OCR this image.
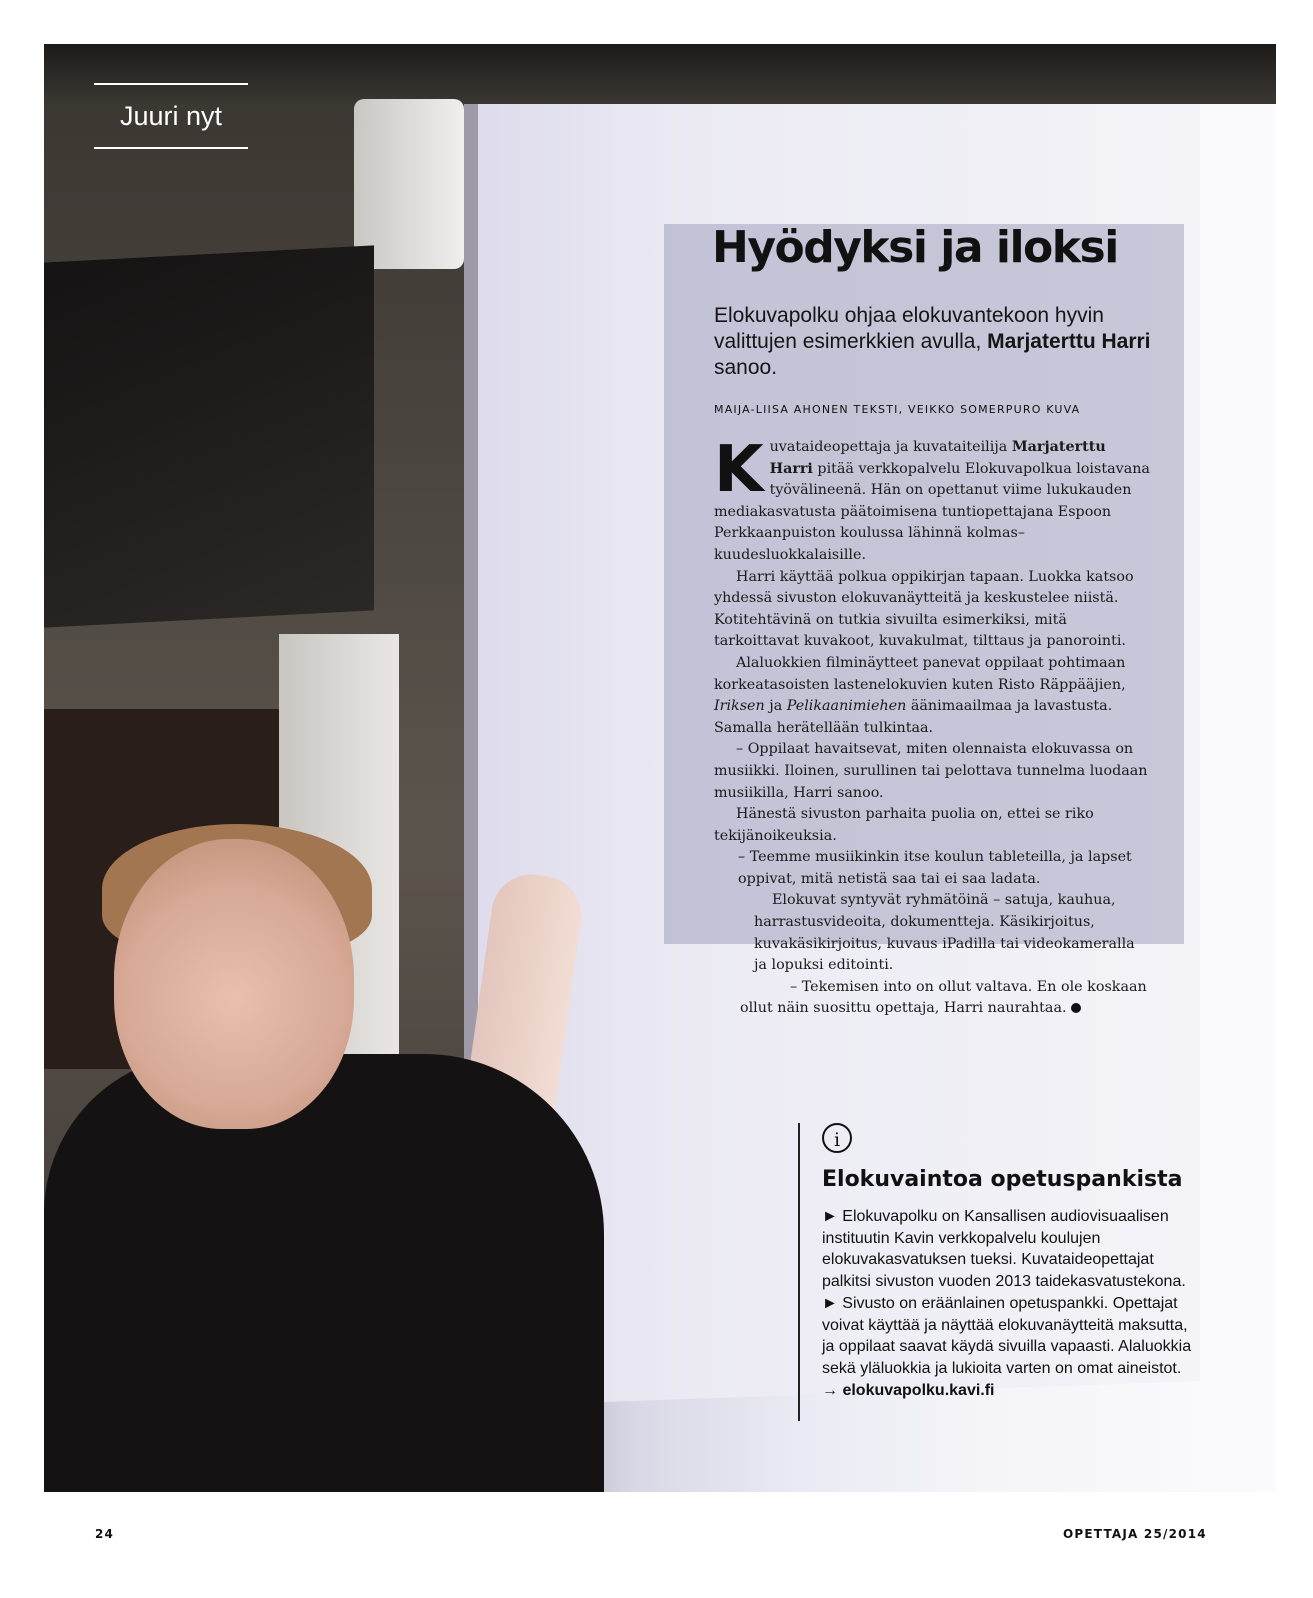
Juuri nyt
Hyödyksi ja iloksi

Elokuvapolku ohjaa elokuvantekoon hyvin valittujen esimerkkien avulla, Marjaterttu Harri sanoo.

MAIJA-LIISA AHONEN TEKSTI, VEIKKO SOMERPURO KUVA

Kuvataideopettaja ja kuvataiteilija Marjaterttu Harri pitää verkkopalvelu Elokuvapolkua loistavana työvälineenä. Hän on opettanut viime lukukauden mediakasvatusta päätoimisena tuntiopettajana Espoon Perkkaanpuiston koulussa lähinnä kolmas–kuudesluokkalaisille.

Harri käyttää polkua oppikirjan tapaan. Luokka katsoo yhdessä sivuston elokuvanäytteitä ja keskustelee niistä. Kotitehtävinä on tutkia sivuilta esimerkiksi, mitä tarkoittavat kuvakoot, kuvakulmat, tilttaus ja panorointi.

Alaluokkien filminäytteet panevat oppilaat pohtimaan korkeatasoisten lastenelokuvien kuten Risto Räppääjien, Iriksen ja Pelikaanimiehen äänimaailmaa ja lavastusta. Samalla herätellään tulkintaa.

– Oppilaat havaitsevat, miten olennaista elokuvassa on musiikki. Iloinen, surullinen tai pelottava tunnelma luodaan musiikilla, Harri sanoo.

Hänestä sivuston parhaita puolia on, ettei se riko tekijänoikeuksia.

– Teemme musiikinkin itse koulun tableteilla, ja lapset oppivat, mitä netistä saa tai ei saa ladata.

Elokuvat syntyvät ryhmätöinä – satuja, kauhua, harrastusvideoita, dokumentteja. Käsikirjoitus, kuvakäsikirjoitus, kuvaus iPadilla tai videokameralla ja lopuksi editointi.

– Tekemisen into on ollut valtava. En ole koskaan ollut näin suosittu opettaja, Harri naurahtaa.

i
Elokuvaintoa opetuspankista

► Elokuvapolku on Kansallisen audiovisuaalisen instituutin Kavin verkkopalvelu koulujen elokuvakasvatuksen tueksi. Kuvataideopettajat palkitsi sivuston vuoden 2013 taidekasvatustekona.

► Sivusto on eräänlainen opetuspankki. Opettajat voivat käyttää ja näyttää elokuvanäytteitä maksutta, ja oppilaat saavat käydä sivuilla vapaasti. Alaluokkia sekä yläluokkia ja lukioita varten on omat aineistot.

→ elokuvapolku.kavi.fi

24	OPETTAJA 25/2014
